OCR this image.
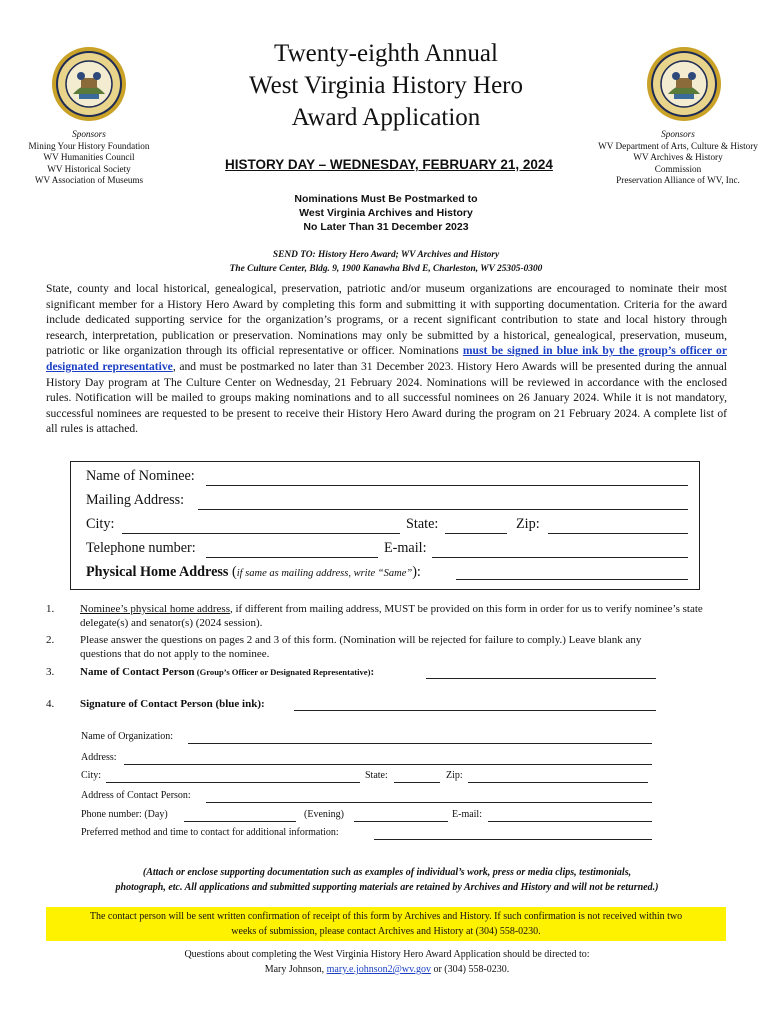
Sponsors
Mining Your History Foundation
WV Humanities Council
WV Historical Society
WV Association of Museums
Sponsors
WV Department of Arts, Culture & History
WV Archives & History
Commission
Preservation Alliance of WV, Inc.
Twenty-eighth Annual
West Virginia History Hero
Award Application
HISTORY DAY – WEDNESDAY, FEBRUARY 21, 2024
Nominations Must Be Postmarked to
West Virginia Archives and History
No Later Than 31 December 2023
SEND TO: History Hero Award; WV Archives and History
The Culture Center, Bldg. 9, 1900 Kanawha Blvd E, Charleston, WV 25305-0300
State, county and local historical, genealogical, preservation, patriotic and/or museum organizations are encouraged to nominate their most significant member for a History Hero Award by completing this form and submitting it with supporting documentation. Criteria for the award include dedicated supporting service for the organization’s programs, or a recent significant contribution to state and local history through research, interpretation, publication or preservation. Nominations may only be submitted by a historical, genealogical, preservation, museum, patriotic or like organization through its official representative or officer. Nominations must be signed in blue ink by the group’s officer or designated representative, and must be postmarked no later than 31 December 2023. History Hero Awards will be presented during the annual History Day program at The Culture Center on Wednesday, 21 February 2024. Nominations will be reviewed in accordance with the enclosed rules. Notification will be mailed to groups making nominations and to all successful nominees on 26 January 2024. While it is not mandatory, successful nominees are requested to be present to receive their History Hero Award during the program on 21 February 2024. A complete list of all rules is attached.
Name of Nominee:
Mailing Address:
City:	State:	Zip:
Telephone number:	E-mail:
Physical Home Address (if same as mailing address, write “Same”):
1. Nominee’s physical home address, if different from mailing address, MUST be provided on this form in order for us to verify nominee’s state delegate(s) and senator(s) (2024 session).
2. Please answer the questions on pages 2 and 3 of this form. (Nomination will be rejected for failure to comply.) Leave blank any questions that do not apply to the nominee.
3. Name of Contact Person (Group’s Officer or Designated Representative):
4. Signature of Contact Person (blue ink):
Name of Organization:
Address:
City:	State:	Zip:
Address of Contact Person:
Phone number: (Day)	(Evening)	E-mail:
Preferred method and time to contact for additional information:
(Attach or enclose supporting documentation such as examples of individual’s work, press or media clips, testimonials,
photograph, etc. All applications and submitted supporting materials are retained by Archives and History and will not be returned.)
The contact person will be sent written confirmation of receipt of this form by Archives and History. If such confirmation is not received within two
weeks of submission, please contact Archives and History at (304) 558-0230.
Questions about completing the West Virginia History Hero Award Application should be directed to:
Mary Johnson, mary.e.johnson2@wv.gov or (304) 558-0230.
